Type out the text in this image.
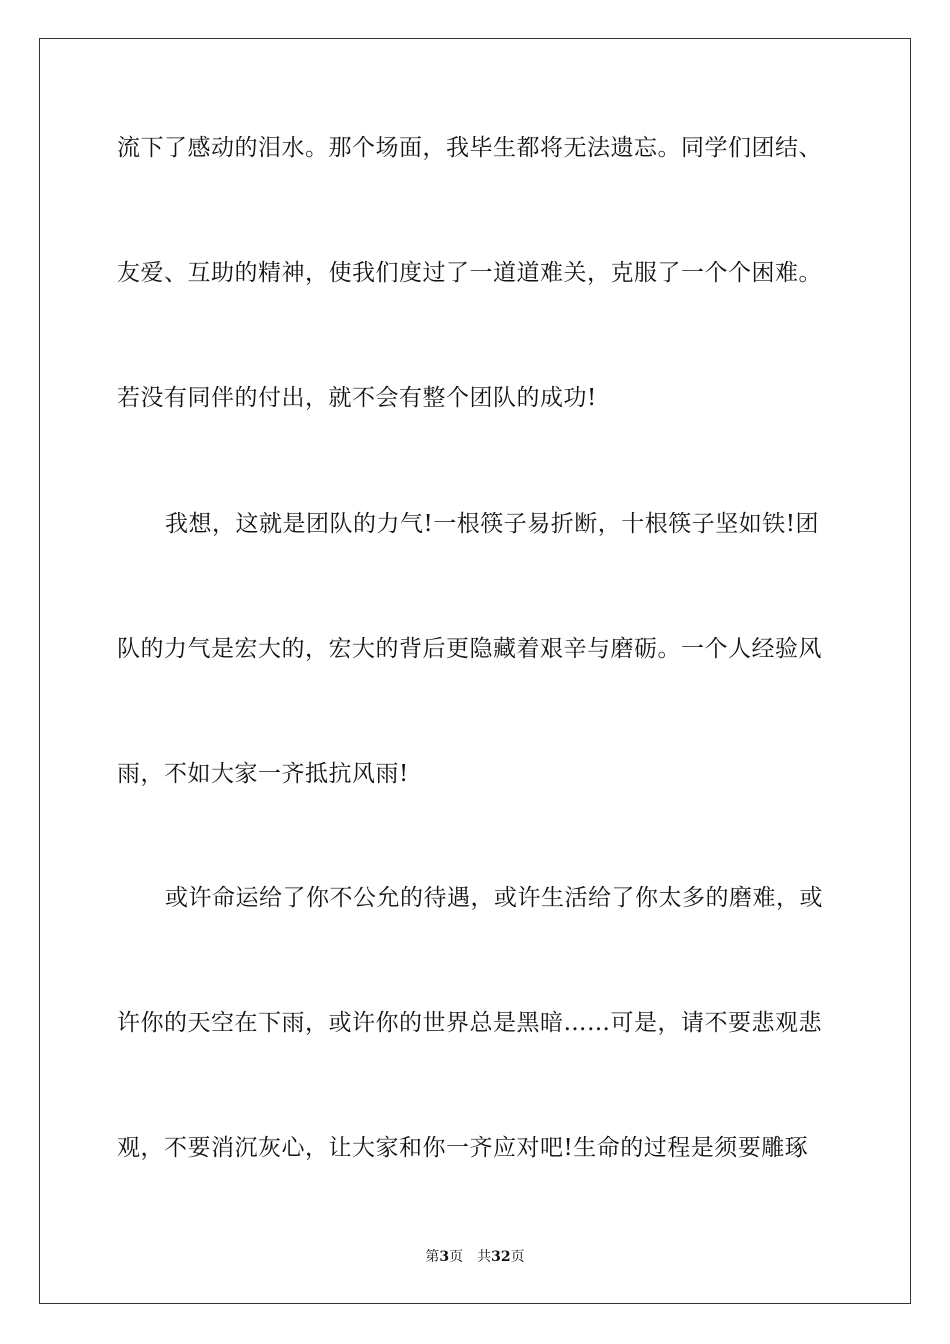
流下了感动的泪水。那个场面，我毕生都将无法遗忘。同学们团结、
友爱、互助的精神，使我们度过了一道道难关，克服了一个个困难。
若没有同伴的付出，就不会有整个团队的成功!
我想，这就是团队的力气!一根筷子易折断，十根筷子坚如铁!团
队的力气是宏大的，宏大的背后更隐藏着艰辛与磨砺。一个人经验风
雨，不如大家一齐抵抗风雨!
或许命运给了你不公允的待遇，或许生活给了你太多的磨难，或
许你的天空在下雨，或许你的世界总是黑暗……可是，请不要悲观悲
观，不要消沉灰心，让大家和你一齐应对吧!生命的过程是须要雕琢
第3页 共32页
